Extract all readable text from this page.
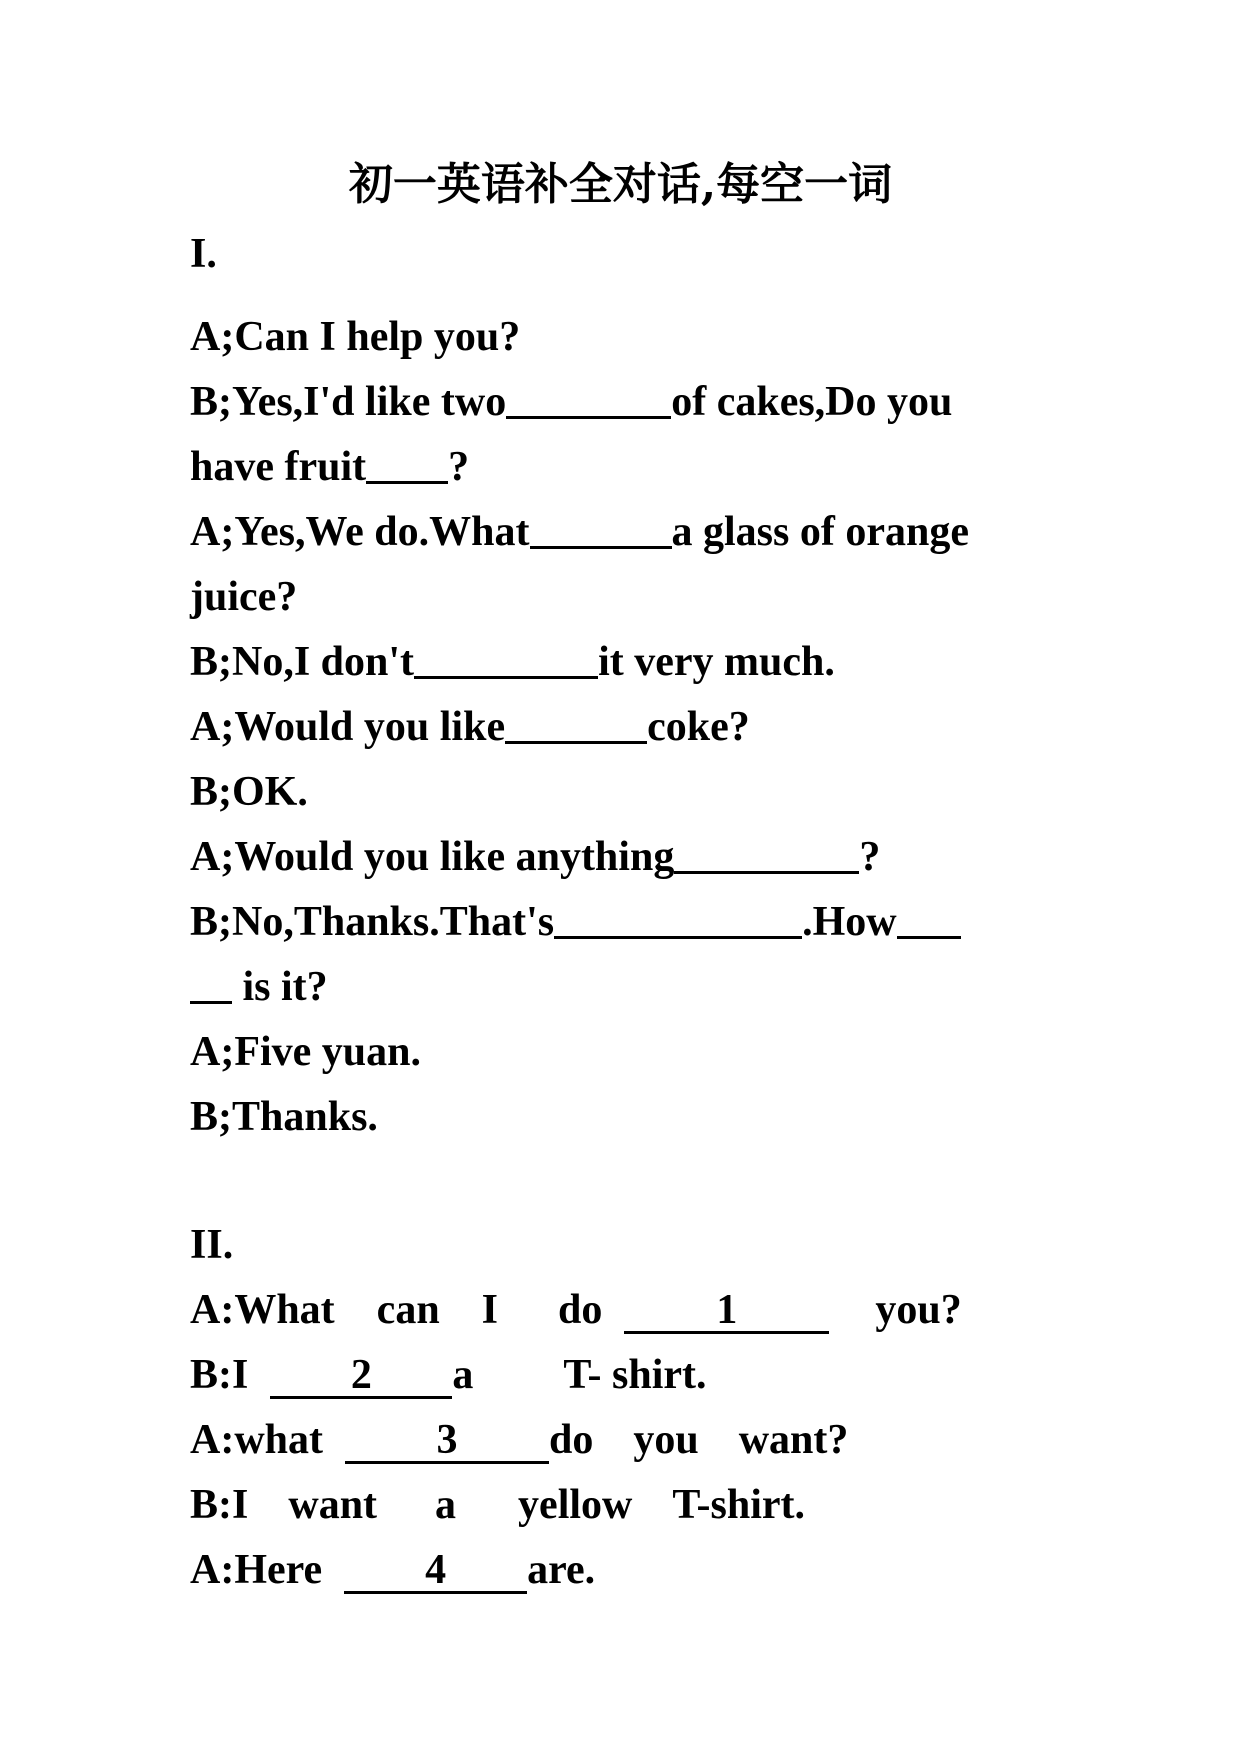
初一英语补全对话,每空一词
I.
A;Can I help you?
B;Yes,I'd like two	of cakes,Do you
have fruit ?
A;Yes,We do.What	a glass of orange
juice?
B;No,I don't	it very much.
A;Would you like	coke?
B;OK.
A;Would you like anything	?
B;No,Thanks.That's	.How
is it?
A;Five yuan.
B;Thanks.
II.
A:What can I do	1	you?
B:I 2 a T- shirt.
A:what	3 do you want?
B:I want a yellow T-shirt.
A:Here 4 are.
